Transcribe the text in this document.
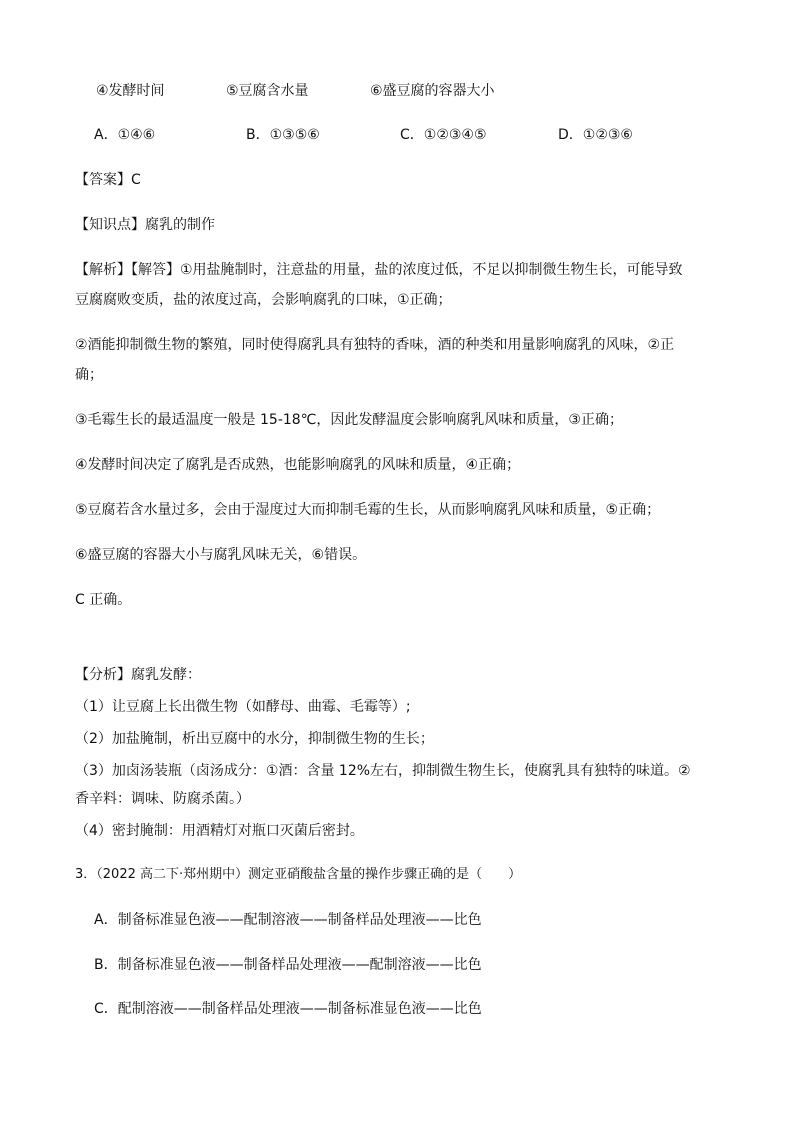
④发酵时间	⑤豆腐含水量	⑥盛豆腐的容器大小
A．①④⑥	B．①③⑤⑥	C．①②③④⑤	D．①②③⑥
【答案】C
【知识点】腐乳的制作
【解析】【解答】①用盐腌制时，注意盐的用量，盐的浓度过低，不足以抑制微生物生长，可能导致
豆腐腐败变质，盐的浓度过高，会影响腐乳的口味，①正确；
②酒能抑制微生物的繁殖，同时使得腐乳具有独特的香味，酒的种类和用量影响腐乳的风味，②正
确；
③毛霉生长的最适温度一般是 15-18℃，因此发酵温度会影响腐乳风味和质量，③正确；
④发酵时间决定了腐乳是否成熟，也能影响腐乳的风味和质量，④正确；
⑤豆腐若含水量过多，会由于湿度过大而抑制毛霉的生长，从而影响腐乳风味和质量，⑤正确；
⑥盛豆腐的容器大小与腐乳风味无关，⑥错误。
C 正确。
【分析】腐乳发酵：
（1）让豆腐上长出微生物（如酵母、曲霉、毛霉等）;
（2）加盐腌制，析出豆腐中的水分，抑制微生物的生长；
（3）加卤汤装瓶（卤汤成分：①酒：含量 12%左右，抑制微生物生长，使腐乳具有独特的味道。②
香辛料：调味、防腐杀菌。）
（4）密封腌制：用酒精灯对瓶口灭菌后密封。
3．（2022 高二下·郑州期中）测定亚硝酸盐含量的操作步骤正确的是（　　）
A．制备标准显色液——配制溶液——制备样品处理液——比色
B．制备标准显色液——制备样品处理液——配制溶液——比色
C．配制溶液——制备样品处理液——制备标准显色液——比色
